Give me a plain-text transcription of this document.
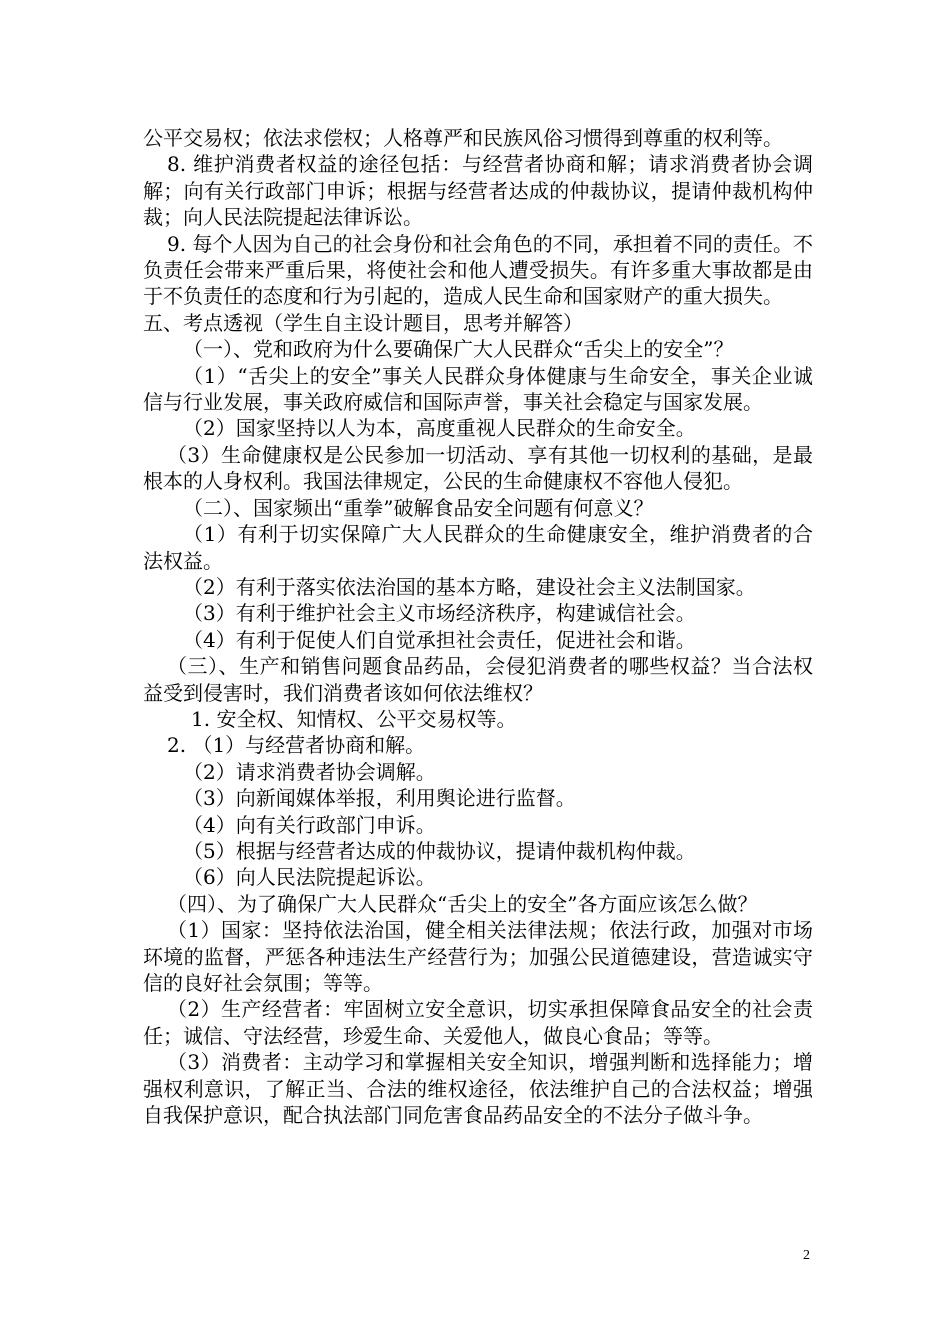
公平交易权；依法求偿权；人格尊严和民族风俗习惯得到尊重的权利等。

8. 维护消费者权益的途径包括：与经营者协商和解；请求消费者协会调解；向有关行政部门申诉；根据与经营者达成的仲裁协议，提请仲裁机构仲裁；向人民法院提起法律诉讼。

9. 每个人因为自己的社会身份和社会角色的不同，承担着不同的责任。不负责任会带来严重后果，将使社会和他人遭受损失。有许多重大事故都是由于不负责任的态度和行为引起的，造成人民生命和国家财产的重大损失。

五、考点透视（学生自主设计题目，思考并解答）

（一）、党和政府为什么要确保广大人民群众“舌尖上的安全”？

（1）“舌尖上的安全”事关人民群众身体健康与生命安全，事关企业诚信与行业发展，事关政府威信和国际声誉，事关社会稳定与国家发展。

（2）国家坚持以人为本，高度重视人民群众的生命安全。

（3）生命健康权是公民参加一切活动、享有其他一切权利的基础，是最根本的人身权利。我国法律规定，公民的生命健康权不容他人侵犯。

（二）、国家频出“重拳”破解食品安全问题有何意义？

（1）有利于切实保障广大人民群众的生命健康安全，维护消费者的合法权益。

（2）有利于落实依法治国的基本方略，建设社会主义法制国家。

（3）有利于维护社会主义市场经济秩序，构建诚信社会。

（4）有利于促使人们自觉承担社会责任，促进社会和谐。

（三）、生产和销售问题食品药品，会侵犯消费者的哪些权益？当合法权益受到侵害时，我们消费者该如何依法维权？

1. 安全权、知情权、公平交易权等。

2. （1）与经营者协商和解。

（2）请求消费者协会调解。

（3）向新闻媒体举报，利用舆论进行监督。

（4）向有关行政部门申诉。

（5）根据与经营者达成的仲裁协议，提请仲裁机构仲裁。

（6）向人民法院提起诉讼。

（四）、为了确保广大人民群众“舌尖上的安全”各方面应该怎么做？

（1）国家：坚持依法治国，健全相关法律法规；依法行政，加强对市场环境的监督，严惩各种违法生产经营行为；加强公民道德建设，营造诚实守信的良好社会氛围；等等。

（2）生产经营者：牢固树立安全意识，切实承担保障食品安全的社会责任；诚信、守法经营，珍爱生命、关爱他人，做良心食品；等等。

（3）消费者：主动学习和掌握相关安全知识，增强判断和选择能力；增强权利意识，了解正当、合法的维权途径，依法维护自己的合法权益；增强自我保护意识，配合执法部门同危害食品药品安全的不法分子做斗争。

2
